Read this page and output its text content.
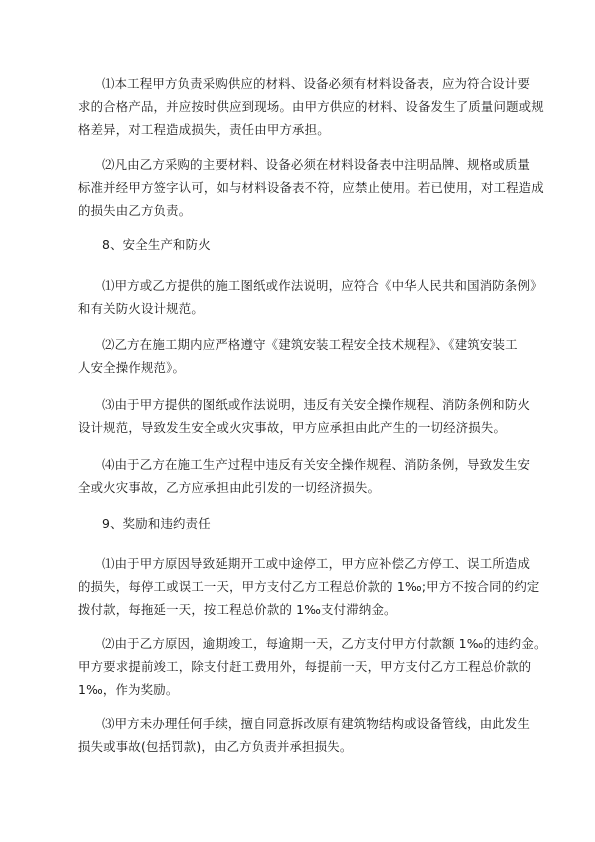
⑴本工程甲方负责采购供应的材料、设备必须有材料设备表，应为符合设计要
求的合格产品，并应按时供应到现场。由甲方供应的材料、设备发生了质量问题或规
格差异，对工程造成损失，责任由甲方承担。
⑵凡由乙方采购的主要材料、设备必须在材料设备表中注明品牌、规格或质量
标准并经甲方签字认可，如与材料设备表不符，应禁止使用。若已使用，对工程造成
的损失由乙方负责。
8、安全生产和防火
⑴甲方或乙方提供的施工图纸或作法说明，应符合《中华人民共和国消防条例》
和有关防火设计规范。
⑵乙方在施工期内应严格遵守《建筑安装工程安全技术规程》、《建筑安装工
人安全操作规范》。
⑶由于甲方提供的图纸或作法说明，违反有关安全操作规程、消防条例和防火
设计规范，导致发生安全或火灾事故，甲方应承担由此产生的一切经济损失。
⑷由于乙方在施工生产过程中违反有关安全操作规程、消防条例，导致发生安
全或火灾事故，乙方应承担由此引发的一切经济损失。
9、奖励和违约责任
⑴由于甲方原因导致延期开工或中途停工，甲方应补偿乙方停工、误工所造成
的损失，每停工或误工一天，甲方支付乙方工程总价款的 1‰;甲方不按合同的约定
拨付款，每拖延一天，按工程总价款的 1‰支付滞纳金。
⑵由于乙方原因，逾期竣工，每逾期一天，乙方支付甲方付款额 1‰的违约金。
甲方要求提前竣工，除支付赶工费用外，每提前一天，甲方支付乙方工程总价款的
1‰，作为奖励。
⑶甲方未办理任何手续，擅自同意拆改原有建筑物结构或设备管线，由此发生
损失或事故(包括罚款)，由乙方负责并承担损失。
